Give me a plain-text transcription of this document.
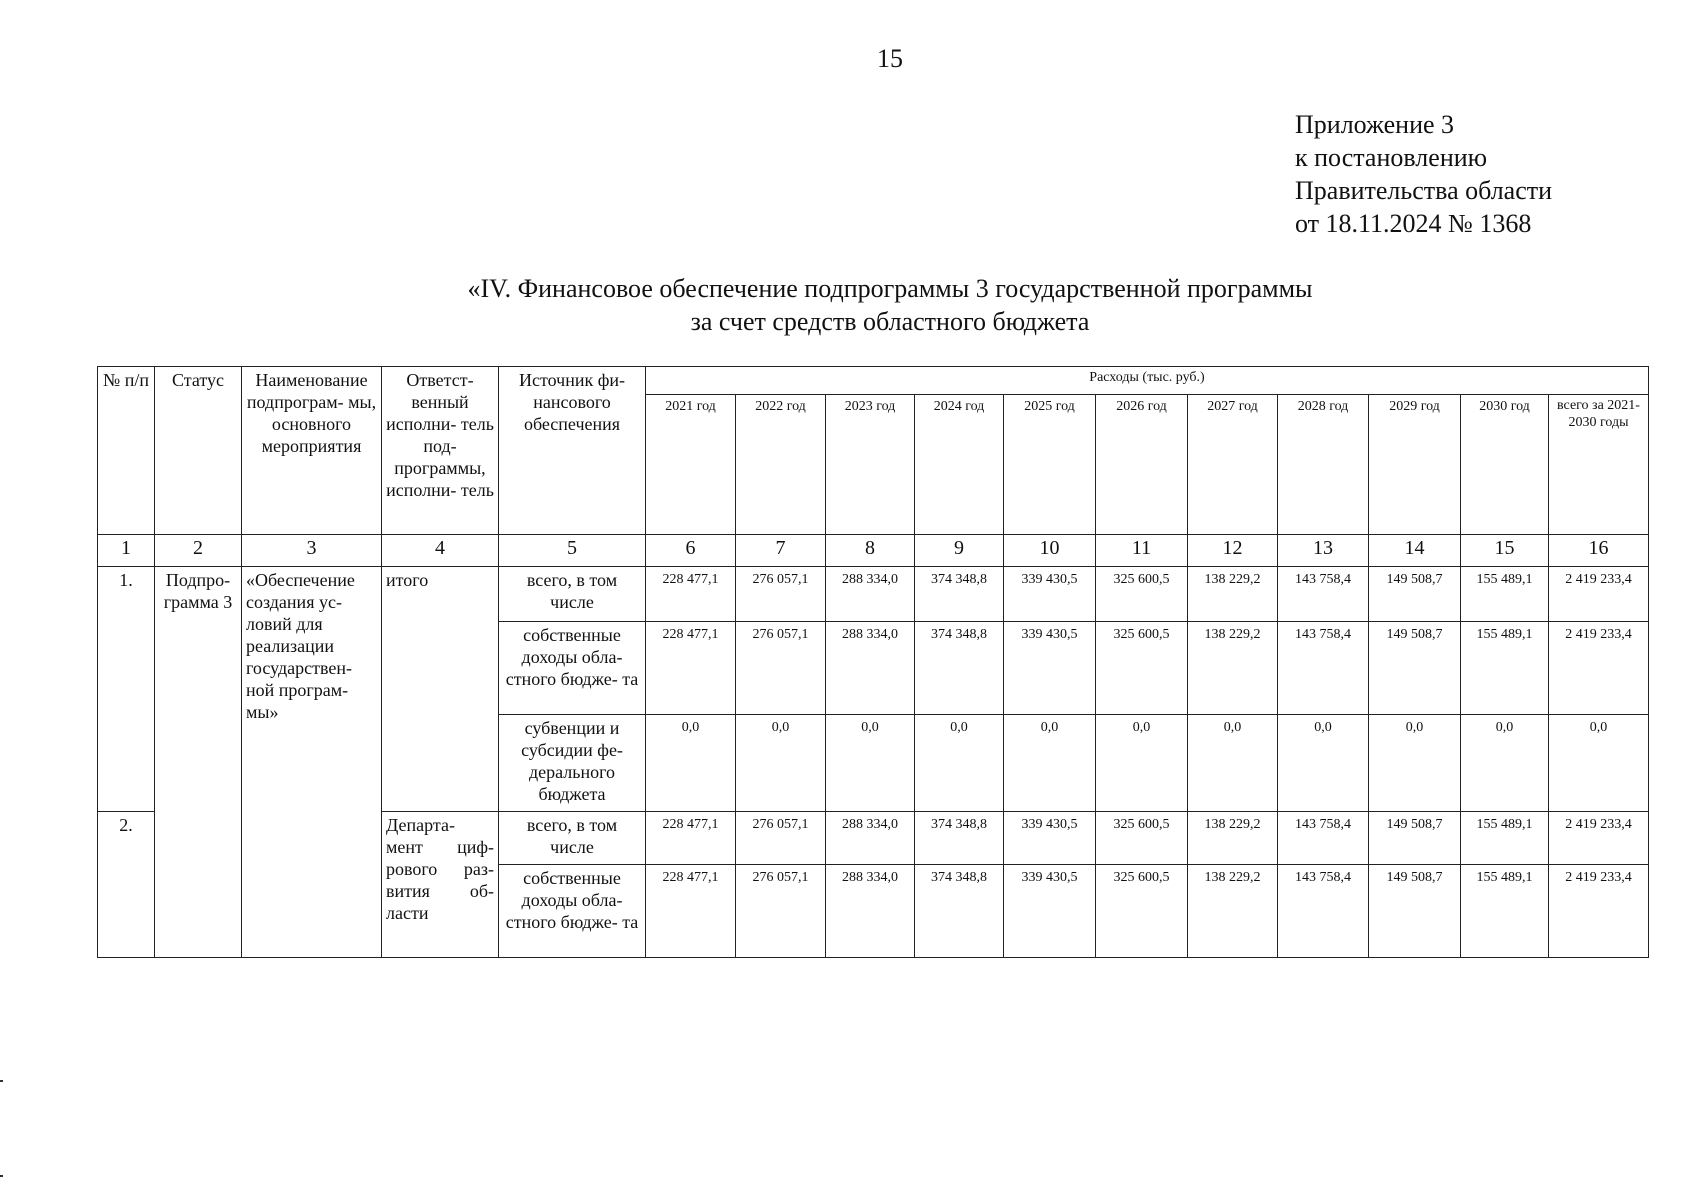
15
Приложение 3
к постановлению
Правительства области
от 18.11.2024 № 1368
«IV. Финансовое обеспечение подпрограммы 3 государственной программы
за счет средств областного бюджета
№ п/п	Статус	Наименование подпрограм- мы, основного мероприятия	Ответст- венный исполни- тель под- программы, исполни- тель	Источник фи- нансового обеспечения	Расходы (тыс. руб.)										
					2021 год	2022 год	2023 год	2024 год	2025 год	2026 год	2027 год	2028 год	2029 год	2030 год	всего за 2021-2030 годы
1	2	3	4	5	6	7	8	9	10	11	12	13	14	15	16
1.	Подпро- грамма 3	«Обеспечение создания ус- ловий для реализации государствен- ной програм- мы»	итого	всего, в том числе	228 477,1	276 057,1	288 334,0	374 348,8	339 430,5	325 600,5	138 229,2	143 758,4	149 508,7	155 489,1	2 419 233,4
				собственные доходы обла- стного бюдже- та	228 477,1	276 057,1	288 334,0	374 348,8	339 430,5	325 600,5	138 229,2	143 758,4	149 508,7	155 489,1	2 419 233,4
				субвенции и субсидии фе- дерального бюджета	0,0	0,0	0,0	0,0	0,0	0,0	0,0	0,0	0,0	0,0	0,0
2.			Департа- мент циф- рового раз- вития об- ласти	всего, в том числе	228 477,1	276 057,1	288 334,0	374 348,8	339 430,5	325 600,5	138 229,2	143 758,4	149 508,7	155 489,1	2 419 233,4
				собственные доходы обла- стного бюдже- та	228 477,1	276 057,1	288 334,0	374 348,8	339 430,5	325 600,5	138 229,2	143 758,4	149 508,7	155 489,1	2 419 233,4
